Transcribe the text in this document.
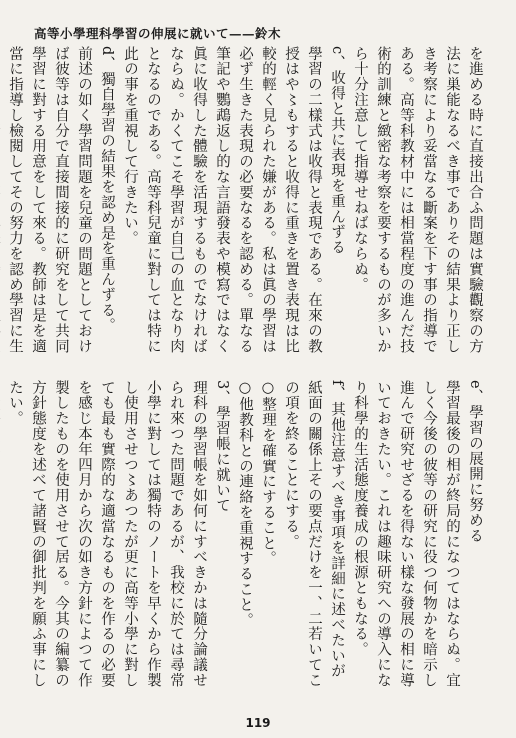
高等小學理科學習の伸展に就いて——鈴木

を進める時に直接出合ふ問題は實驗觀察の方法に巣能なるべき事でありその結果より正しき考察により妥當なる斷案を下す事の指導である。高等科教材中には相當程度の進んだ技術的訓練と緻密な考察を要するものが多いから十分注意して指導せねばならぬ。

c、收得と共に表現を重んずる

學習の二樣式は收得と表現である。在來の教授はや〻もすると收得に重きを置き表現は比較的輕く見られた嫌がある。私は眞の學習は必ず生きた表現の必要なるを認める。單なる筆記や鸚鵡返し的な言語發表や模寫ではなく眞に收得した體驗を活現するものでなければならぬ。かくてこそ學習が自己の血となり肉となるのである。高等科兒童に對しては特に此の事を重視して行きたい。

d、獨自學習の結果を認め是を重んずる。

前述の如く學習問題を兒童の問題としておけば彼等は自分で直接間接的に研究をして共同學習に對する用意をして來る。教師は是を適當に指導し檢閱してその努力を認め學習に生

e、學習の展開に努める

學習最後の相が終局的になつてはならぬ。宜しく今後の彼等の研究に役つ何物かを暗示し進んで研究せざるを得ない樣な發展の相に導いておきたい。これは趣味研究への導入になり科學的生活態度養成の根源ともなる。

f、其他注意すべき事項を詳細に述べたいが紙面の關係上その要点だけを一、二若いてこの項を終ることにする。

○整理を確實にすること。

○他教科との連絡を重視すること。

3、學習帳に就いて

理科の學習帳を如何にすべきかは隨分論議せられ來つた問題であるが、我校に於ては尋常小學に對しては獨特のノートを早くから作製し使用させつ〻あつたが更に高等小學に對しても最も實際的な適當なるものを作るの必要を感じ本年四月から次の如き方針によつて作製したものを使用させて居る。今其の編纂の方針態度を述べて諸賢の御批判を願ふ事にしたい。

119
